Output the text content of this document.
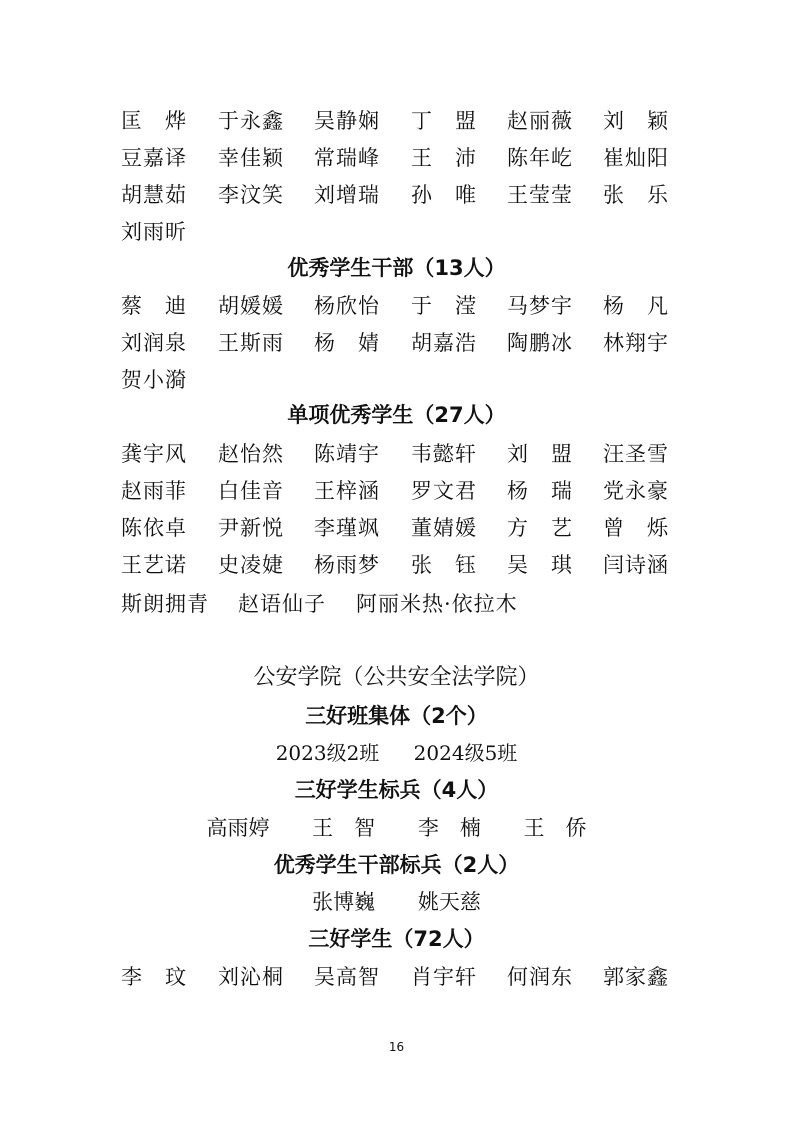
匡　烨 于永鑫 吴静娴 丁　盟 赵丽薇 刘　颖
豆嘉译 幸佳颖 常瑞峰 王　沛 陈年屹 崔灿阳
胡慧茹 李汶笑 刘增瑞 孙　唯 王莹莹 张　乐
刘雨昕
优秀学生干部（13人）
蔡　迪 胡媛媛 杨欣怡 于　滢 马梦宇 杨　凡
刘润泉 王斯雨 杨　婧 胡嘉浩 陶鹏冰 林翔宇
贺小漪
单项优秀学生（27人）
龚宇风 赵怡然 陈靖宇 韦懿轩 刘　盟 汪圣雪
赵雨菲 白佳音 王梓涵 罗文君 杨　瑞 党永豪
陈依卓 尹新悦 李瑾飒 董婧媛 方　艺 曾　烁
王艺诺 史凌婕 杨雨梦 张　钰 吴　琪 闫诗涵
斯朗拥青 赵语仙子 阿丽米热·依拉木
公安学院（公共安全法学院）
三好班集体（2个）
2023级2班 2024级5班
三好学生标兵（4人）
高雨婷 王　智 李　楠 王　侨
优秀学生干部标兵（2人）
张博巍 姚天慈
三好学生（72人）
李　玟 刘沁桐 吴高智 肖宇轩 何润东 郭家鑫
16
